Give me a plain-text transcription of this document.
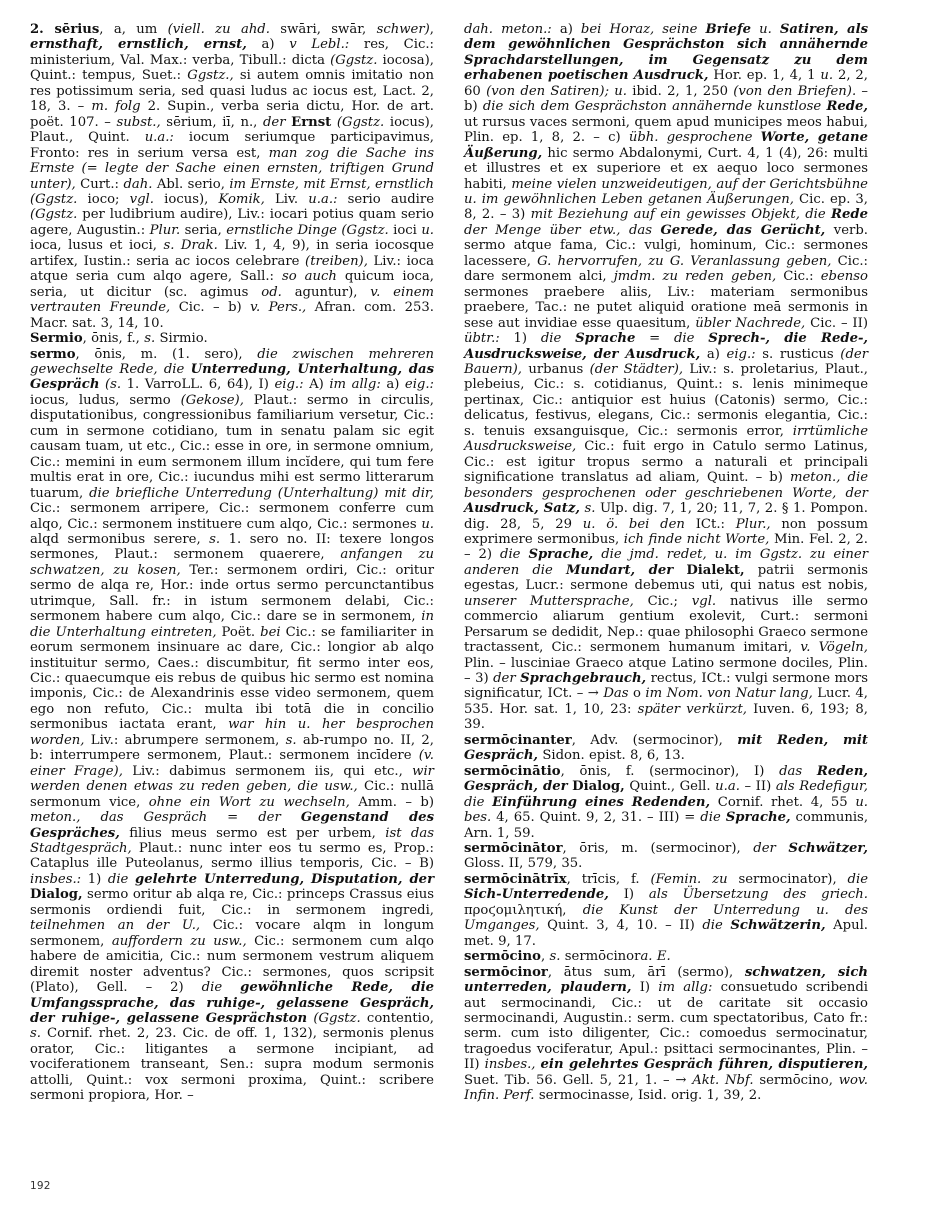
2. sērius, a, um (viell. zu ahd. swāri, swār, schwer), ernsthaft, ernstlich, ernst, a) v Lebl.: res, Cic.: ministerium, Val. Max.: verba, Tibull.: dicta (Ggstz. iocosa), Quint.: tempus, Suet.: Ggstz., si autem omnis imitatio non res potissimum seria, sed quasi ludus ac iocus est, Lact. 2, 18, 3. – m. folg 2. Supin., verba seria dictu, Hor. de art. poët. 107. – subst., sērium, iī, n., der Ernst (Ggstz. iocus), Plaut., Quint. u.a.: iocum seriumque participavimus, Fronto: res in serium versa est, man zog die Sache ins Ernste (= legte der Sache einen ernsten, triftigen Grund unter), Curt.: dah. Abl. serio, im Ernste, mit Ernst, ernstlich (Ggstz. ioco; vgl. iocus), Komik, Liv. u.a.: serio audire (Ggstz. per ludibrium audire), Liv.: iocari potius quam serio agere, Augustin.: Plur. seria, ernstliche Dinge (Ggstz. ioci u. ioca, lusus et ioci, s. Drak. Liv. 1, 4, 9), in seria iocosque artifex, Iustin.: seria ac iocos celebrare (treiben), Liv.: ioca atque seria cum alqo agere, Sall.: so auch quicum ioca, seria, ut dicitur (sc. agimus od. aguntur), v. einem vertrauten Freunde, Cic. – b) v. Pers., Afran. com. 253. Macr. sat. 3, 14, 10.

Sermio, ōnis, f., s. Sirmio.

sermo, ōnis, m. (1. sero), die zwischen mehreren gewechselte Rede, die Unterredung, Unterhaltung, das Gespräch (s. 1. VarroLL. 6, 64), I) eig.: A) im allg: a) eig.: iocus, ludus, sermo (Gekose), Plaut.: sermo in circulis, disputationibus, congressionibus familiarium versetur, Cic.: cum in sermone cotidiano, tum in senatu palam sic egit causam tuam, ut etc., Cic.: esse in ore, in sermone omnium, Cic.: memini in eum sermonem illum incĭdere, qui tum fere multis erat in ore, Cic.: iucundus mihi est sermo litterarum tuarum, die briefliche Unterredung (Unterhaltung) mit dir, Cic.: sermonem arripere, Cic.: sermonem conferre cum alqo, Cic.: sermonem instituere cum alqo, Cic.: sermones u. alqd sermonibus serere, s. 1. sero no. II: texere longos sermones, Plaut.: sermonem quaerere, anfangen zu schwatzen, zu kosen, Ter.: sermonem ordiri, Cic.: oritur sermo de alqa re, Hor.: inde ortus sermo percunctantibus utrimque, Sall. fr.: in istum sermonem delabi, Cic.: sermonem habere cum alqo, Cic.: dare se in sermonem, in die Unterhaltung eintreten, Poët. bei Cic.: se familiariter in eorum sermonem insinuare ac dare, Cic.: longior ab alqo instituitur sermo, Caes.: discumbitur, fit sermo inter eos, Cic.: quaecumque eis rebus de quibus hic sermo est nomina imponis, Cic.: de Alexandrinis esse video sermonem, quem ego non refuto, Cic.: multa ibi totā die in concilio sermonibus iactata erant, war hin u. her besprochen worden, Liv.: abrumpere sermonem, s. ab-rumpo no. II, 2, b: interrumpere sermonem, Plaut.: sermonem incīdere (v. einer Frage), Liv.: dabimus sermonem iis, qui etc., wir werden denen etwas zu reden geben, die usw., Cic.: nullā sermonum vice, ohne ein Wort zu wechseln, Amm. – b) meton., das Gespräch = der Gegenstand des Gespräches, filius meus sermo est per urbem, ist das Stadtgespräch, Plaut.: nunc inter eos tu sermo es, Prop.: Cataplus ille Puteolanus, sermo illius temporis, Cic. – B) insbes.: 1) die gelehrte Unterredung, Disputation, der Dialog, sermo oritur ab alqa re, Cic.: princeps Crassus eius sermonis ordiendi fuit, Cic.: in sermonem ingredi, teilnehmen an der U., Cic.: vocare alqm in longum sermonem, auffordern zu usw., Cic.: sermonem cum alqo habere de amicitia, Cic.: num sermonem vestrum aliquem diremit noster adventus? Cic.: sermones, quos scripsit (Plato), Gell. – 2) die gewöhnliche Rede, die Umfangssprache, das ruhige-, gelassene Gespräch, der ruhige-, gelassene Gesprächston (Ggstz. contentio, s. Cornif. rhet. 2, 23. Cic. de off. 1, 132), sermonis plenus orator, Cic.: litigantes a sermone incipiant, ad vociferationem transeant, Sen.: supra modum sermonis attolli, Quint.: vox sermoni proxima, Quint.: scribere sermoni propiora, Hor. –

dah. meton.: a) bei Horaz, seine Briefe u. Satiren, als dem gewöhnlichen Gesprächston sich annähernde Sprachdarstellungen, im Gegensatz zu dem erhabenen poetischen Ausdruck, Hor. ep. 1, 4, 1 u. 2, 2, 60 (von den Satiren); u. ibid. 2, 1, 250 (von den Briefen). – b) die sich dem Gesprächston annähernde kunstlose Rede, ut rursus vaces sermoni, quem apud municipes meos habui, Plin. ep. 1, 8, 2. – c) übh. gesprochene Worte, getane Äußerung, hic sermo Abdalonymi, Curt. 4, 1 (4), 26: multi et illustres et ex superiore et ex aequo loco sermones habiti, meine vielen unzweideutigen, auf der Gerichtsbühne u. im gewöhnlichen Leben getanen Äußerungen, Cic. ep. 3, 8, 2. – 3) mit Beziehung auf ein gewisses Objekt, die Rede der Menge über etw., das Gerede, das Gerücht, verb. sermo atque fama, Cic.: vulgi, hominum, Cic.: sermones lacessere, G. hervorrufen, zu G. Veranlassung geben, Cic.: dare sermonem alci, jmdm. zu reden geben, Cic.: ebenso sermones praebere aliis, Liv.: materiam sermonibus praebere, Tac.: ne putet aliquid oratione meā sermonis in sese aut invidiae esse quaesitum, übler Nachrede, Cic. – II) übtr.: 1) die Sprache = die Sprech-, die Rede-, Ausdrucksweise, der Ausdruck, a) eig.: s. rusticus (der Bauern), urbanus (der Städter), Liv.: s. proletarius, Plaut., plebeius, Cic.: s. cotidianus, Quint.: s. lenis minimeque pertinax, Cic.: antiquior est huius (Catonis) sermo, Cic.: delicatus, festivus, elegans, Cic.: sermonis elegantia, Cic.: s. tenuis exsanguisque, Cic.: sermonis error, irrtümliche Ausdrucksweise, Cic.: fuit ergo in Catulo sermo Latinus, Cic.: est igitur tropus sermo a naturali et principali significatione translatus ad aliam, Quint. – b) meton., die besonders gesprochenen oder geschriebenen Worte, der Ausdruck, Satz, s. Ulp. dig. 7, 1, 20; 11, 7, 2. § 1. Pompon. dig. 28, 5, 29 u. ö. bei den ICt.: Plur., non possum exprimere sermonibus, ich finde nicht Worte, Min. Fel. 2, 2. – 2) die Sprache, die jmd. redet, u. im Ggstz. zu einer anderen die Mundart, der Dialekt, patrii sermonis egestas, Lucr.: sermone debemus uti, qui natus est nobis, unserer Muttersprache, Cic.; vgl. nativus ille sermo commercio aliarum gentium exolevit, Curt.: sermoni Persarum se dedidit, Nep.: quae philosophi Graeco sermone tractassent, Cic.: sermonem humanum imitari, v. Vögeln, Plin. – lusciniae Graeco atque Latino sermone dociles, Plin. – 3) der Sprachgebrauch, rectus, ICt.: vulgi sermone mors significatur, ICt. – → Das o im Nom. von Natur lang, Lucr. 4, 535. Hor. sat. 1, 10, 23: später verkürzt, Iuven. 6, 193; 8, 39.

sermōcinanter, Adv. (sermocinor), mit Reden, mit Gespräch, Sidon. epist. 8, 6, 13.

sermōcinātio, ōnis, f. (sermocinor), I) das Reden, Gespräch, der Dialog, Quint., Gell. u.a. – II) als Redefigur, die Einführung eines Redenden, Cornif. rhet. 4, 55 u. bes. 4, 65. Quint. 9, 2, 31. – III) = die Sprache, communis, Arn. 1, 59.

sermōcinātor, ōris, m. (sermocinor), der Schwätzer, Gloss. II, 579, 35.

sermōcinātrīx, trīcis, f. (Femin. zu sermocinator), die Sich-Unterredende, I) als Übersetzung des griech. προϛομιλητική, die Kunst der Unterredung u. des Umganges, Quint. 3, 4, 10. – II) die Schwätzerin, Apul. met. 9, 17.

sermōcino, s. sermōcinora. E.

sermōcinor, ātus sum, ārī (sermo), schwatzen, sich unterreden, plaudern, I) im allg: consuetudo scribendi aut sermocinandi, Cic.: ut de caritate sit occasio sermocinandi, Augustin.: serm. cum spectatoribus, Cato fr.: serm. cum isto diligenter, Cic.: comoedus sermocinatur, tragoedus vociferatur, Apul.: psittaci sermocinantes, Plin. – II) insbes., ein gelehrtes Gespräch führen, disputieren, Suet. Tib. 56. Gell. 5, 21, 1. – → Akt. Nbf. sermōcino, wov. Infin. Perf. sermocinasse, Isid. orig. 1, 39, 2.

192
